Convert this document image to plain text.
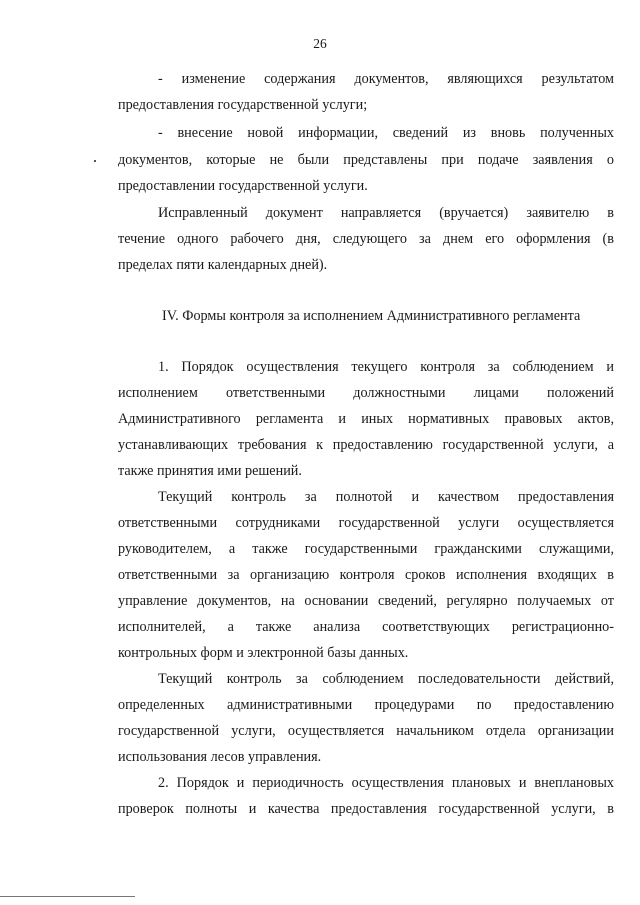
26
- изменение содержания документов, являющихся результатом
предоставления государственной услуги;
- внесение новой информации, сведений из вновь полученных
документов, которые не были представлены при подаче заявления о
предоставлении государственной услуги.
Исправленный документ направляется (вручается) заявителю в
течение одного рабочего дня, следующего за днем его оформления (в
пределах пяти календарных дней).
IV. Формы контроля за исполнением Административного регламента
1. Порядок осуществления текущего контроля за соблюдением и
исполнением ответственными должностными лицами положений
Административного регламента и иных нормативных правовых актов,
устанавливающих требования к предоставлению государственной услуги, а
также принятия ими решений.
Текущий контроль за полнотой и качеством предоставления
ответственными сотрудниками государственной услуги осуществляется
руководителем, а также государственными гражданскими служащими,
ответственными за организацию контроля сроков исполнения входящих в
управление документов, на основании сведений, регулярно получаемых от
исполнителей, а также анализа соответствующих регистрационно-
контрольных форм и электронной базы данных.
Текущий контроль за соблюдением последовательности действий,
определенных административными процедурами по предоставлению
государственной услуги, осуществляется начальником отдела организации
использования лесов управления.
2. Порядок и периодичность осуществления плановых и внеплановых
проверок полноты и качества предоставления государственной услуги, в
